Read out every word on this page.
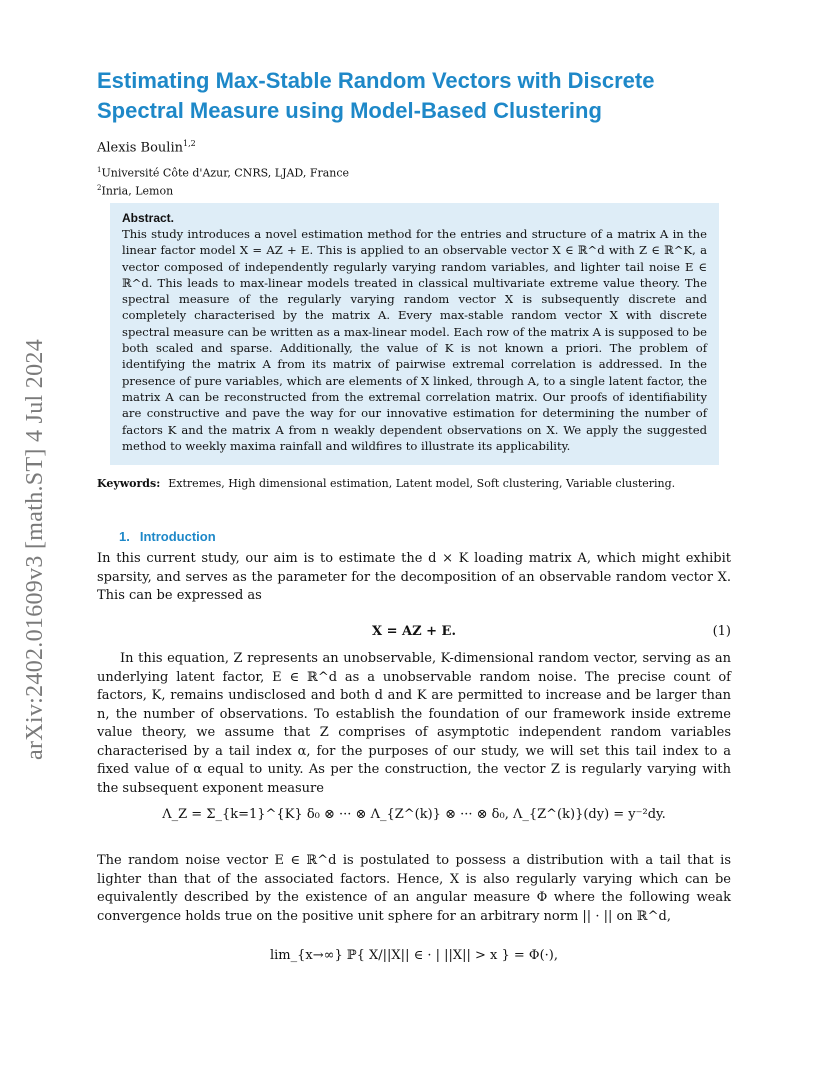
arXiv:2402.01609v3 [math.ST] 4 Jul 2024
Estimating Max-Stable Random Vectors with Discrete
Spectral Measure using Model-Based Clustering
Alexis Boulin$^{1,2}$
$^1$Université Côte d'Azur, CNRS, LJAD, France
$^2$Inria, Lemon
Abstract.
This study introduces a novel estimation method for the entries and structure of a matrix A in the linear factor model X = AZ + E. This is applied to an observable vector X ∈ ℝ^d with Z ∈ ℝ^K, a vector composed of independently regularly varying random variables, and lighter tail noise E ∈ ℝ^d. This leads to max-linear models treated in classical multivariate extreme value theory. The spectral measure of the regularly varying random vector X is subsequently discrete and completely characterised by the matrix A. Every max-stable random vector X with discrete spectral measure can be written as a max-linear model. Each row of the matrix A is supposed to be both scaled and sparse. Additionally, the value of K is not known a priori. The problem of identifying the matrix A from its matrix of pairwise extremal correlation is addressed. In the presence of pure variables, which are elements of X linked, through A, to a single latent factor, the matrix A can be reconstructed from the extremal correlation matrix. Our proofs of identifiability are constructive and pave the way for our innovative estimation for determining the number of factors K and the matrix A from n weakly dependent observations on X. We apply the suggested method to weekly maxima rainfall and wildfires to illustrate its applicability.
Keywords: Extremes, High dimensional estimation, Latent model, Soft clustering, Variable clustering.
1. Introduction
In this current study, our aim is to estimate the d × K loading matrix A, which might exhibit sparsity, and serves as the parameter for the decomposition of an observable random vector X. This can be expressed as
X = AZ + E.	(1)
In this equation, Z represents an unobservable, K-dimensional random vector, serving as an underlying latent factor, E ∈ ℝ^d as a unobservable random noise. The precise count of factors, K, remains undisclosed and both d and K are permitted to increase and be larger than n, the number of observations. To establish the foundation of our framework inside extreme value theory, we assume that Z comprises of asymptotic independent random variables characterised by a tail index α, for the purposes of our study, we will set this tail index to a fixed value of α equal to unity. As per the construction, the vector Z is regularly varying with the subsequent exponent measure
Λ_Z = Σ_{k=1}^{K} δ₀ ⊗ ··· ⊗ Λ_{Z^(k)} ⊗ ··· ⊗ δ₀, Λ_{Z^(k)}(dy) = y⁻²dy.
The random noise vector E ∈ ℝ^d is postulated to possess a distribution with a tail that is lighter than that of the associated factors. Hence, X is also regularly varying which can be equivalently described by the existence of an angular measure Φ where the following weak convergence holds true on the positive unit sphere for an arbitrary norm || · || on ℝ^d,
lim_{x→∞} ℙ{ X/||X|| ∈ · | ||X|| > x } = Φ(·),
